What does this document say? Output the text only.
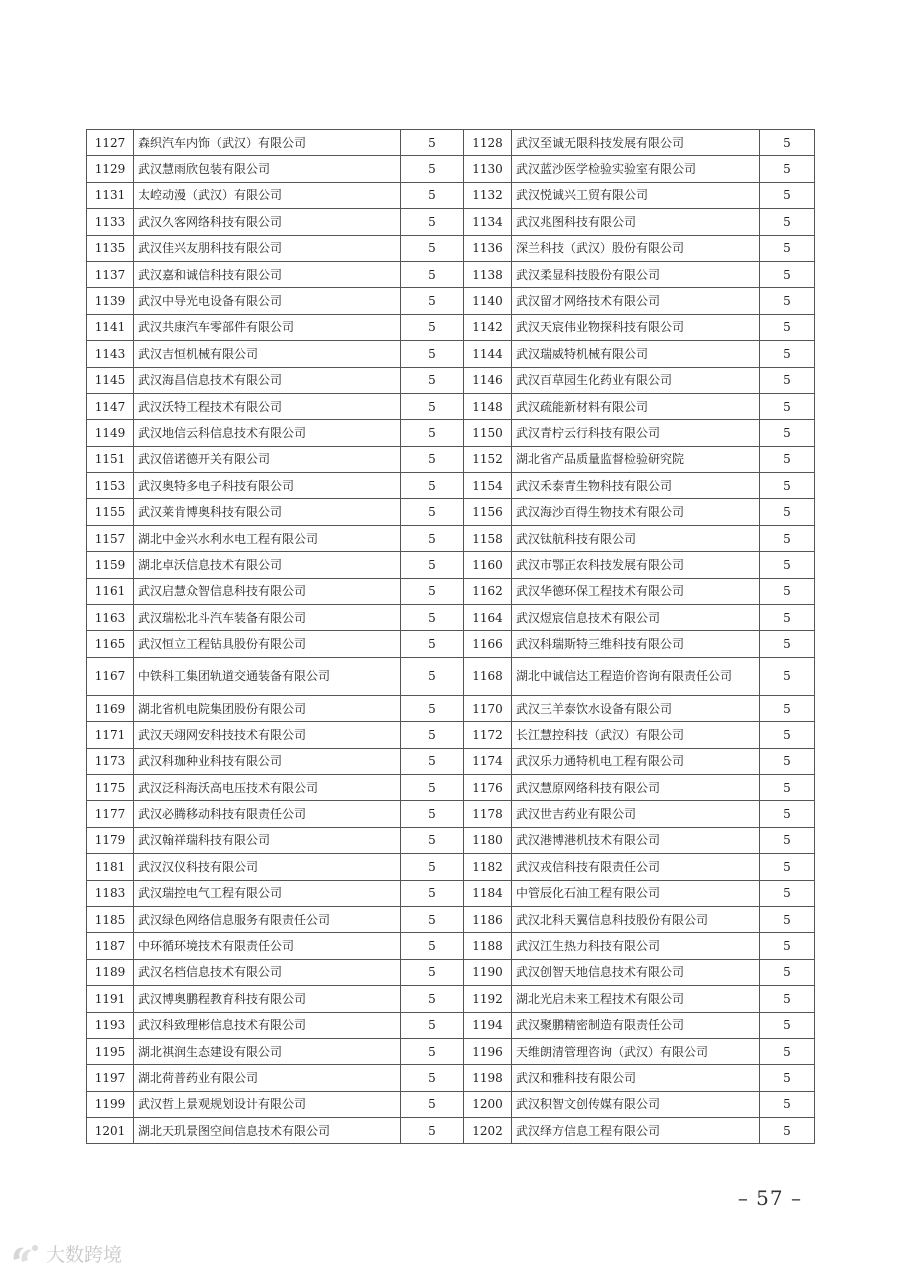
1127	森织汽车内饰（武汉）有限公司	5	1128	武汉至诚无限科技发展有限公司	5
1129	武汉慧雨欣包装有限公司	5	1130	武汉蓝沙医学检验实验室有限公司	5
1131	太崆动漫（武汉）有限公司	5	1132	武汉悦诚兴工贸有限公司	5
1133	武汉久客网络科技有限公司	5	1134	武汉兆图科技有限公司	5
1135	武汉佳兴友朋科技有限公司	5	1136	深兰科技（武汉）股份有限公司	5
1137	武汉嘉和诚信科技有限公司	5	1138	武汉柔显科技股份有限公司	5
1139	武汉中导光电设备有限公司	5	1140	武汉留才网络技术有限公司	5
1141	武汉共康汽车零部件有限公司	5	1142	武汉天宸伟业物探科技有限公司	5
1143	武汉吉恒机械有限公司	5	1144	武汉瑞威特机械有限公司	5
1145	武汉海昌信息技术有限公司	5	1146	武汉百草园生化药业有限公司	5
1147	武汉沃特工程技术有限公司	5	1148	武汉疏能新材料有限公司	5
1149	武汉地信云科信息技术有限公司	5	1150	武汉青柠云行科技有限公司	5
1151	武汉倍诺德开关有限公司	5	1152	湖北省产品质量监督检验研究院	5
1153	武汉奥特多电子科技有限公司	5	1154	武汉禾泰青生物科技有限公司	5
1155	武汉莱肯博奥科技有限公司	5	1156	武汉海沙百得生物技术有限公司	5
1157	湖北中金兴水利水电工程有限公司	5	1158	武汉钛航科技有限公司	5
1159	湖北卓沃信息技术有限公司	5	1160	武汉市鄂正农科技发展有限公司	5
1161	武汉启慧众智信息科技有限公司	5	1162	武汉华德环保工程技术有限公司	5
1163	武汉瑞松北斗汽车装备有限公司	5	1164	武汉煜宸信息技术有限公司	5
1165	武汉恒立工程钻具股份有限公司	5	1166	武汉科瑞斯特三维科技有限公司	5
1167	中铁科工集团轨道交通装备有限公司	5	1168	湖北中诚信达工程造价咨询有限责任公司	5
1169	湖北省机电院集团股份有限公司	5	1170	武汉三羊泰饮水设备有限公司	5
1171	武汉天翊网安科技技术有限公司	5	1172	长江慧控科技（武汉）有限公司	5
1173	武汉科珈种业科技有限公司	5	1174	武汉乐力通特机电工程有限公司	5
1175	武汉泛科海沃高电压技术有限公司	5	1176	武汉慧原网络科技有限公司	5
1177	武汉必腾移动科技有限责任公司	5	1178	武汉世吉药业有限公司	5
1179	武汉翰祥瑞科技有限公司	5	1180	武汉港博港机技术有限公司	5
1181	武汉汉仪科技有限公司	5	1182	武汉戎信科技有限责任公司	5
1183	武汉瑞控电气工程有限公司	5	1184	中管辰化石油工程有限公司	5
1185	武汉绿色网络信息服务有限责任公司	5	1186	武汉北科天翼信息科技股份有限公司	5
1187	中环循环境技术有限责任公司	5	1188	武汉江生热力科技有限公司	5
1189	武汉名档信息技术有限公司	5	1190	武汉创智天地信息技术有限公司	5
1191	武汉博奥鹏程教育科技有限公司	5	1192	湖北光启未来工程技术有限公司	5
1193	武汉科致理彬信息技术有限公司	5	1194	武汉聚鹏精密制造有限责任公司	5
1195	湖北祺润生态建设有限公司	5	1196	天维朗清管理咨询（武汉）有限公司	5
1197	湖北荷普药业有限公司	5	1198	武汉和雅科技有限公司	5
1199	武汉哲上景观规划设计有限公司	5	1200	武汉积智文创传媒有限公司	5
1201	湖北天玑景图空间信息技术有限公司	5	1202	武汉绎方信息工程有限公司	5
– 57 –
大数跨境
